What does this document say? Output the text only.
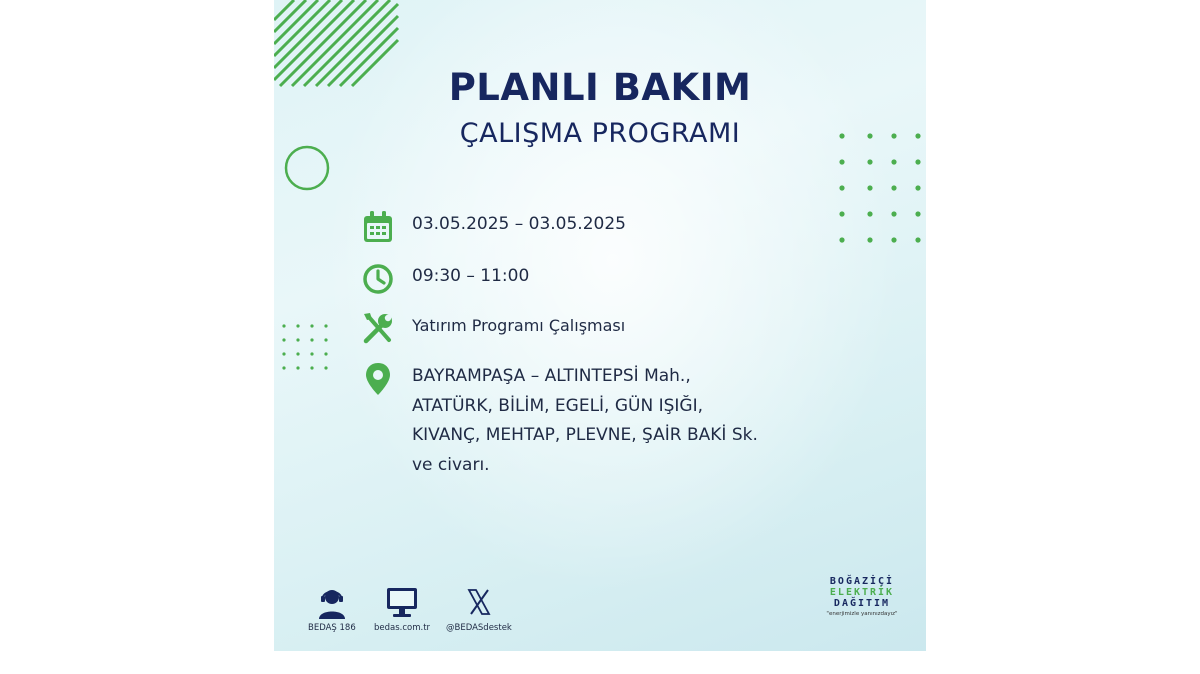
PLANLI BAKIM
ÇALIŞMA PROGRAMI
03.05.2025 – 03.05.2025
09:30 – 11:00
Yatırım Programı Çalışması
BAYRAMPAŞA – ALTINTEPSİ Mah.,
ATATÜRK, BİLİM, EGELİ, GÜN IŞIĞI,
KIVANÇ, MEHTAP, PLEVNE, ŞAİR BAKİ Sk.
ve civarı.
BEDAŞ 186 bedas.com.tr @BEDASdestek
BOĞAZİÇİ
ELEKTRİK
DAĞITIM
"enerjimizle yanınızdayız"
